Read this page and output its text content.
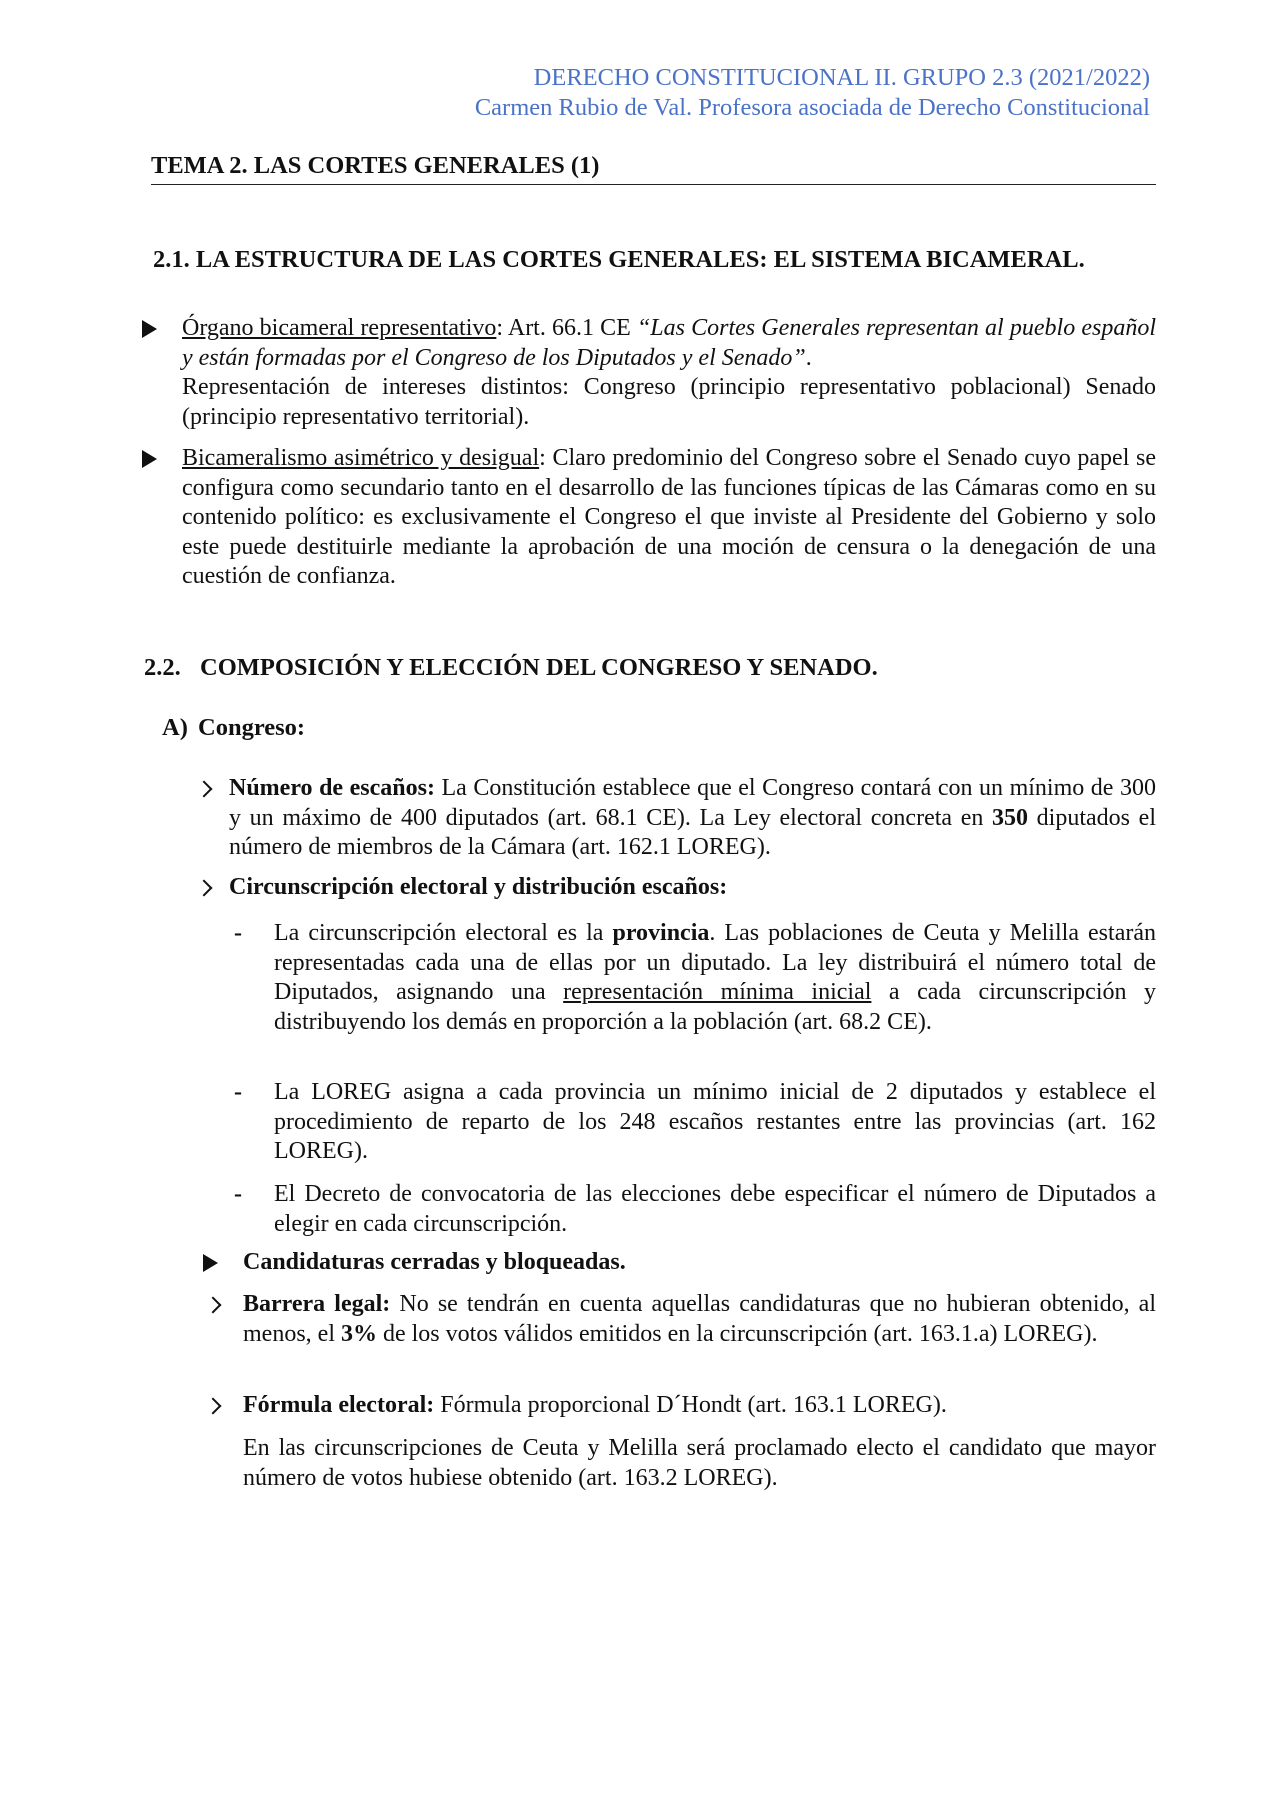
DERECHO CONSTITUCIONAL II. GRUPO 2.3 (2021/2022)
Carmen Rubio de Val. Profesora asociada de Derecho Constitucional
TEMA 2. LAS CORTES GENERALES (1)
2.1. LA ESTRUCTURA DE LAS CORTES GENERALES: EL SISTEMA BICAMERAL.
Órgano bicameral representativo: Art. 66.1 CE “Las Cortes Generales representan al pueblo español y están formadas por el Congreso de los Diputados y el Senado”.
Representación de intereses distintos: Congreso (principio representativo poblacional) Senado (principio representativo territorial).
Bicameralismo asimétrico y desigual: Claro predominio del Congreso sobre el Senado cuyo papel se configura como secundario tanto en el desarrollo de las funciones típicas de las Cámaras como en su contenido político: es exclusivamente el Congreso el que inviste al Presidente del Gobierno y solo este puede destituirle mediante la aprobación de una moción de censura o la denegación de una cuestión de confianza.
2.2. COMPOSICIÓN Y ELECCIÓN DEL CONGRESO Y SENADO.
A) Congreso:
Número de escaños: La Constitución establece que el Congreso contará con un mínimo de 300 y un máximo de 400 diputados (art. 68.1 CE). La Ley electoral concreta en 350 diputados el número de miembros de la Cámara (art. 162.1 LOREG).
Circunscripción electoral y distribución escaños:
- La circunscripción electoral es la provincia. Las poblaciones de Ceuta y Melilla estarán representadas cada una de ellas por un diputado. La ley distribuirá el número total de Diputados, asignando una representación mínima inicial a cada circunscripción y distribuyendo los demás en proporción a la población (art. 68.2 CE).
- La LOREG asigna a cada provincia un mínimo inicial de 2 diputados y establece el procedimiento de reparto de los 248 escaños restantes entre las provincias (art. 162 LOREG).
- El Decreto de convocatoria de las elecciones debe especificar el número de Diputados a elegir en cada circunscripción.
Candidaturas cerradas y bloqueadas.
Barrera legal: No se tendrán en cuenta aquellas candidaturas que no hubieran obtenido, al menos, el 3% de los votos válidos emitidos en la circunscripción (art. 163.1.a) LOREG).
Fórmula electoral: Fórmula proporcional D´Hondt (art. 163.1 LOREG).
En las circunscripciones de Ceuta y Melilla será proclamado electo el candidato que mayor número de votos hubiese obtenido (art. 163.2 LOREG).
